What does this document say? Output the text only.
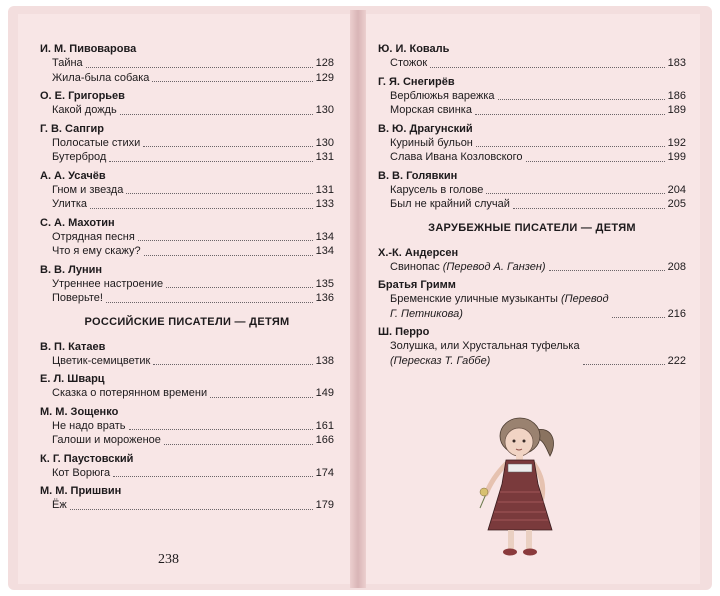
И. М. Пивоварова
Тайна	128
Жила-была собака	129
О. Е. Григорьев
Какой дождь	130
Г. В. Сапгир
Полосатые стихи	130
Бутерброд	131
А. А. Усачёв
Гном и звезда	131
Улитка	133
С. А. Махотин
Отрядная песня	134
Что я ему скажу?	134
В. В. Лунин
Утреннее настроение	135
Поверьте!	136
РОССИЙСКИЕ ПИСАТЕЛИ — ДЕТЯМ
В. П. Катаев
Цветик-семицветик	138
Е. Л. Шварц
Сказка о потерянном времени	149
М. М. Зощенко
Не надо врать	161
Галоши и мороженое	166
К. Г. Паустовский
Кот Ворюга	174
М. М. Пришвин
Ёж	179
238
Ю. И. Коваль
Стожок	183
Г. Я. Снегирёв
Верблюжья варежка	186
Морская свинка	189
В. Ю. Драгунский
Куриный бульон	192
Слава Ивана Козловского	199
В. В. Голявкин
Карусель в голове	204
Был не крайний случай	205
ЗАРУБЕЖНЫЕ ПИСАТЕЛИ — ДЕТЯМ
Х.-К. Андерсен
Свинопас (Перевод А. Ганзен)	208
Братья Гримм
Бременские уличные музыканты (Перевод
Г. Петникова)	216
Ш. Перро
Золушка, или Хрустальная туфелька
(Пересказ Т. Габбе)	222
